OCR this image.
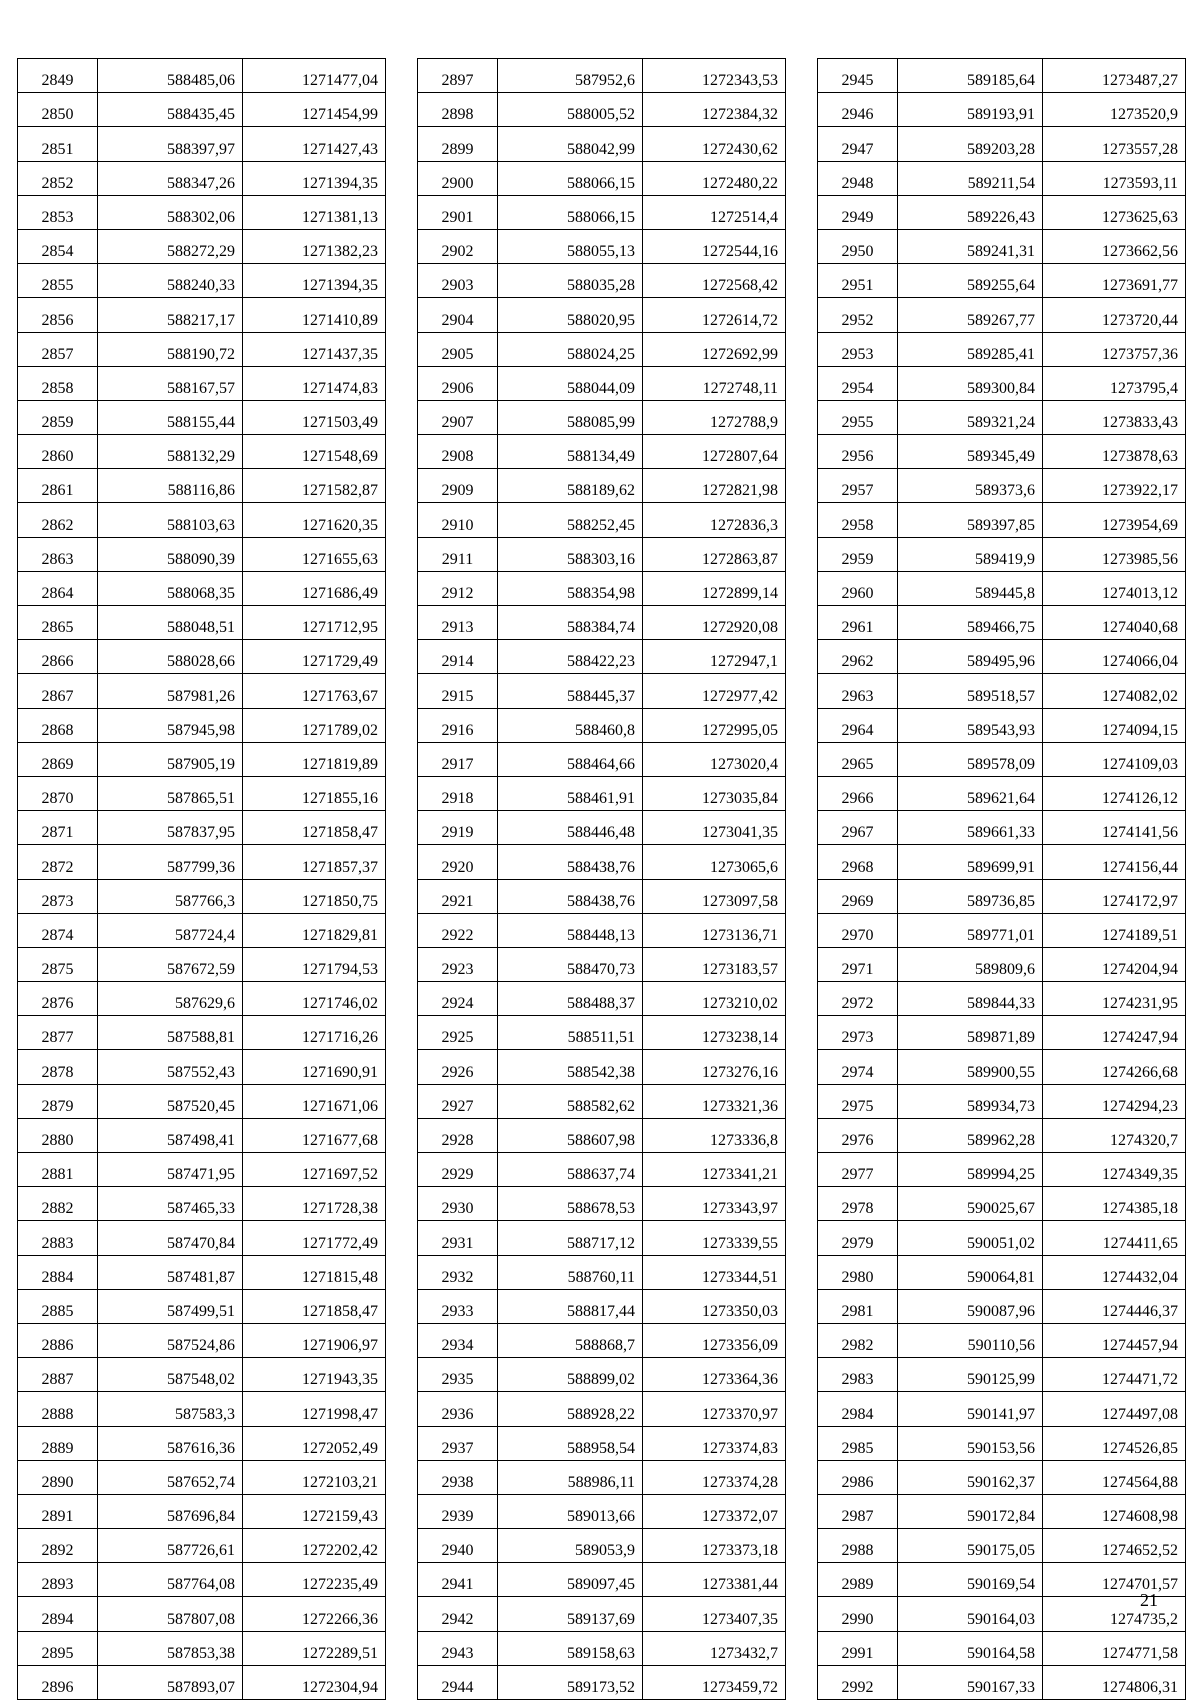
2849	588485,06	1271477,04
2850	588435,45	1271454,99
2851	588397,97	1271427,43
2852	588347,26	1271394,35
2853	588302,06	1271381,13
2854	588272,29	1271382,23
2855	588240,33	1271394,35
2856	588217,17	1271410,89
2857	588190,72	1271437,35
2858	588167,57	1271474,83
2859	588155,44	1271503,49
2860	588132,29	1271548,69
2861	588116,86	1271582,87
2862	588103,63	1271620,35
2863	588090,39	1271655,63
2864	588068,35	1271686,49
2865	588048,51	1271712,95
2866	588028,66	1271729,49
2867	587981,26	1271763,67
2868	587945,98	1271789,02
2869	587905,19	1271819,89
2870	587865,51	1271855,16
2871	587837,95	1271858,47
2872	587799,36	1271857,37
2873	587766,3	1271850,75
2874	587724,4	1271829,81
2875	587672,59	1271794,53
2876	587629,6	1271746,02
2877	587588,81	1271716,26
2878	587552,43	1271690,91
2879	587520,45	1271671,06
2880	587498,41	1271677,68
2881	587471,95	1271697,52
2882	587465,33	1271728,38
2883	587470,84	1271772,49
2884	587481,87	1271815,48
2885	587499,51	1271858,47
2886	587524,86	1271906,97
2887	587548,02	1271943,35
2888	587583,3	1271998,47
2889	587616,36	1272052,49
2890	587652,74	1272103,21
2891	587696,84	1272159,43
2892	587726,61	1272202,42
2893	587764,08	1272235,49
2894	587807,08	1272266,36
2895	587853,38	1272289,51
2896	587893,07	1272304,94
2897	587952,6	1272343,53
2898	588005,52	1272384,32
2899	588042,99	1272430,62
2900	588066,15	1272480,22
2901	588066,15	1272514,4
2902	588055,13	1272544,16
2903	588035,28	1272568,42
2904	588020,95	1272614,72
2905	588024,25	1272692,99
2906	588044,09	1272748,11
2907	588085,99	1272788,9
2908	588134,49	1272807,64
2909	588189,62	1272821,98
2910	588252,45	1272836,3
2911	588303,16	1272863,87
2912	588354,98	1272899,14
2913	588384,74	1272920,08
2914	588422,23	1272947,1
2915	588445,37	1272977,42
2916	588460,8	1272995,05
2917	588464,66	1273020,4
2918	588461,91	1273035,84
2919	588446,48	1273041,35
2920	588438,76	1273065,6
2921	588438,76	1273097,58
2922	588448,13	1273136,71
2923	588470,73	1273183,57
2924	588488,37	1273210,02
2925	588511,51	1273238,14
2926	588542,38	1273276,16
2927	588582,62	1273321,36
2928	588607,98	1273336,8
2929	588637,74	1273341,21
2930	588678,53	1273343,97
2931	588717,12	1273339,55
2932	588760,11	1273344,51
2933	588817,44	1273350,03
2934	588868,7	1273356,09
2935	588899,02	1273364,36
2936	588928,22	1273370,97
2937	588958,54	1273374,83
2938	588986,11	1273374,28
2939	589013,66	1273372,07
2940	589053,9	1273373,18
2941	589097,45	1273381,44
2942	589137,69	1273407,35
2943	589158,63	1273432,7
2944	589173,52	1273459,72
2945	589185,64	1273487,27
2946	589193,91	1273520,9
2947	589203,28	1273557,28
2948	589211,54	1273593,11
2949	589226,43	1273625,63
2950	589241,31	1273662,56
2951	589255,64	1273691,77
2952	589267,77	1273720,44
2953	589285,41	1273757,36
2954	589300,84	1273795,4
2955	589321,24	1273833,43
2956	589345,49	1273878,63
2957	589373,6	1273922,17
2958	589397,85	1273954,69
2959	589419,9	1273985,56
2960	589445,8	1274013,12
2961	589466,75	1274040,68
2962	589495,96	1274066,04
2963	589518,57	1274082,02
2964	589543,93	1274094,15
2965	589578,09	1274109,03
2966	589621,64	1274126,12
2967	589661,33	1274141,56
2968	589699,91	1274156,44
2969	589736,85	1274172,97
2970	589771,01	1274189,51
2971	589809,6	1274204,94
2972	589844,33	1274231,95
2973	589871,89	1274247,94
2974	589900,55	1274266,68
2975	589934,73	1274294,23
2976	589962,28	1274320,7
2977	589994,25	1274349,35
2978	590025,67	1274385,18
2979	590051,02	1274411,65
2980	590064,81	1274432,04
2981	590087,96	1274446,37
2982	590110,56	1274457,94
2983	590125,99	1274471,72
2984	590141,97	1274497,08
2985	590153,56	1274526,85
2986	590162,37	1274564,88
2987	590172,84	1274608,98
2988	590175,05	1274652,52
2989	590169,54	1274701,57
2990	590164,03	1274735,2
2991	590164,58	1274771,58
2992	590167,33	1274806,31
21
